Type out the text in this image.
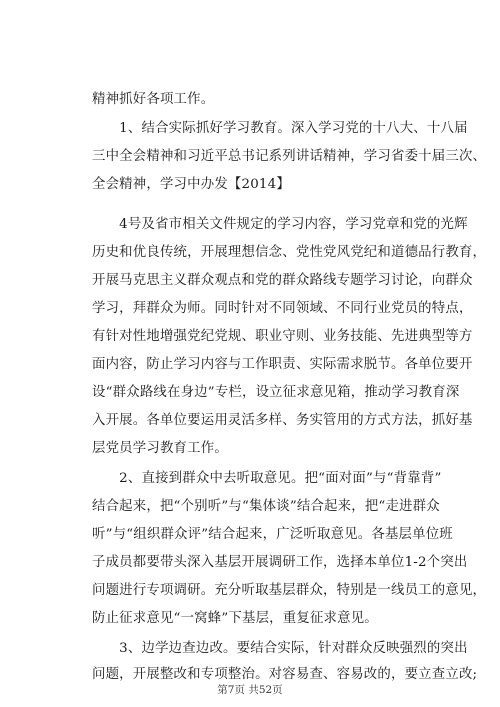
精神抓好各项工作。
　　1、结合实际抓好学习教育。深入学习党的十八大、十八届
三中全会精神和习近平总书记系列讲话精神，学习省委十届三次、
全会精神，学习中办发【2014】
　　4号及省市相关文件规定的学习内容，学习党章和党的光辉
历史和优良传统，开展理想信念、党性党风党纪和道德品行教育，
开展马克思主义群众观点和党的群众路线专题学习讨论，向群众
学习，拜群众为师。同时针对不同领域、不同行业党员的特点，
有针对性地增强党纪党规、职业守则、业务技能、先进典型等方
面内容，防止学习内容与工作职责、实际需求脱节。各单位要开
设“群众路线在身边”专栏，设立征求意见箱，推动学习教育深
入开展。各单位要运用灵活多样、务实管用的方式方法，抓好基
层党员学习教育工作。
　　2、直接到群众中去听取意见。把“面对面”与“背靠背”
结合起来，把“个别听”与“集体谈”结合起来，把“走进群众
听”与“组织群众评”结合起来，广泛听取意见。各基层单位班
子成员都要带头深入基层开展调研工作，选择本单位1-2个突出
问题进行专项调研。充分听取基层群众，特别是一线员工的意见，
防止征求意见“一窝蜂”下基层，重复征求意见。
　　3、边学边查边改。要结合实际，针对群众反映强烈的突出
问题，开展整改和专项整治。对容易查、容易改的，要立查立改;
第7页 共52页
